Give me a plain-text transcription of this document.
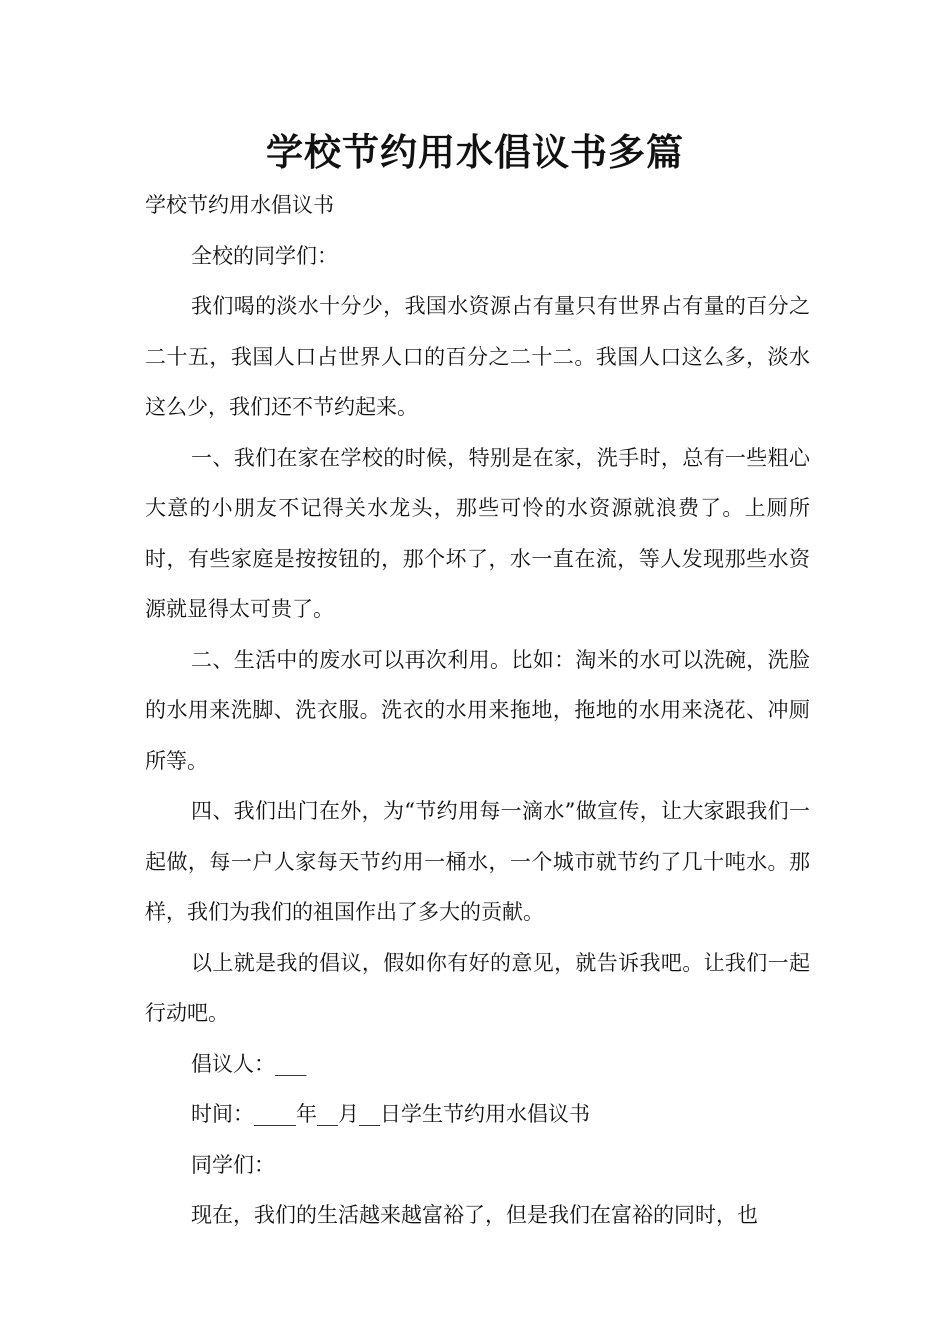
学校节约用水倡议书多篇

学校节约用水倡议书

全校的同学们：

我们喝的淡水十分少，我国水资源占有量只有世界占有量的百分之二十五，我国人口占世界人口的百分之二十二。我国人口这么多，淡水这么少，我们还不节约起来。

一、我们在家在学校的时候，特别是在家，洗手时，总有一些粗心大意的小朋友不记得关水龙头，那些可怜的水资源就浪费了。上厕所时，有些家庭是按按钮的，那个坏了，水一直在流，等人发现那些水资源就显得太可贵了。

二、生活中的废水可以再次利用。比如：淘米的水可以洗碗，洗脸的水用来洗脚、洗衣服。洗衣的水用来拖地，拖地的水用来浇花、冲厕所等。

四、我们出门在外，为“节约用每一滴水”做宣传，让大家跟我们一起做，每一户人家每天节约用一桶水，一个城市就节约了几十吨水。那样，我们为我们的祖国作出了多大的贡献。

以上就是我的倡议，假如你有好的意见，就告诉我吧。让我们一起行动吧。

倡议人：___

时间：____年__月__日学生节约用水倡议书

同学们：

现在，我们的生活越来越富裕了，但是我们在富裕的同时，也
